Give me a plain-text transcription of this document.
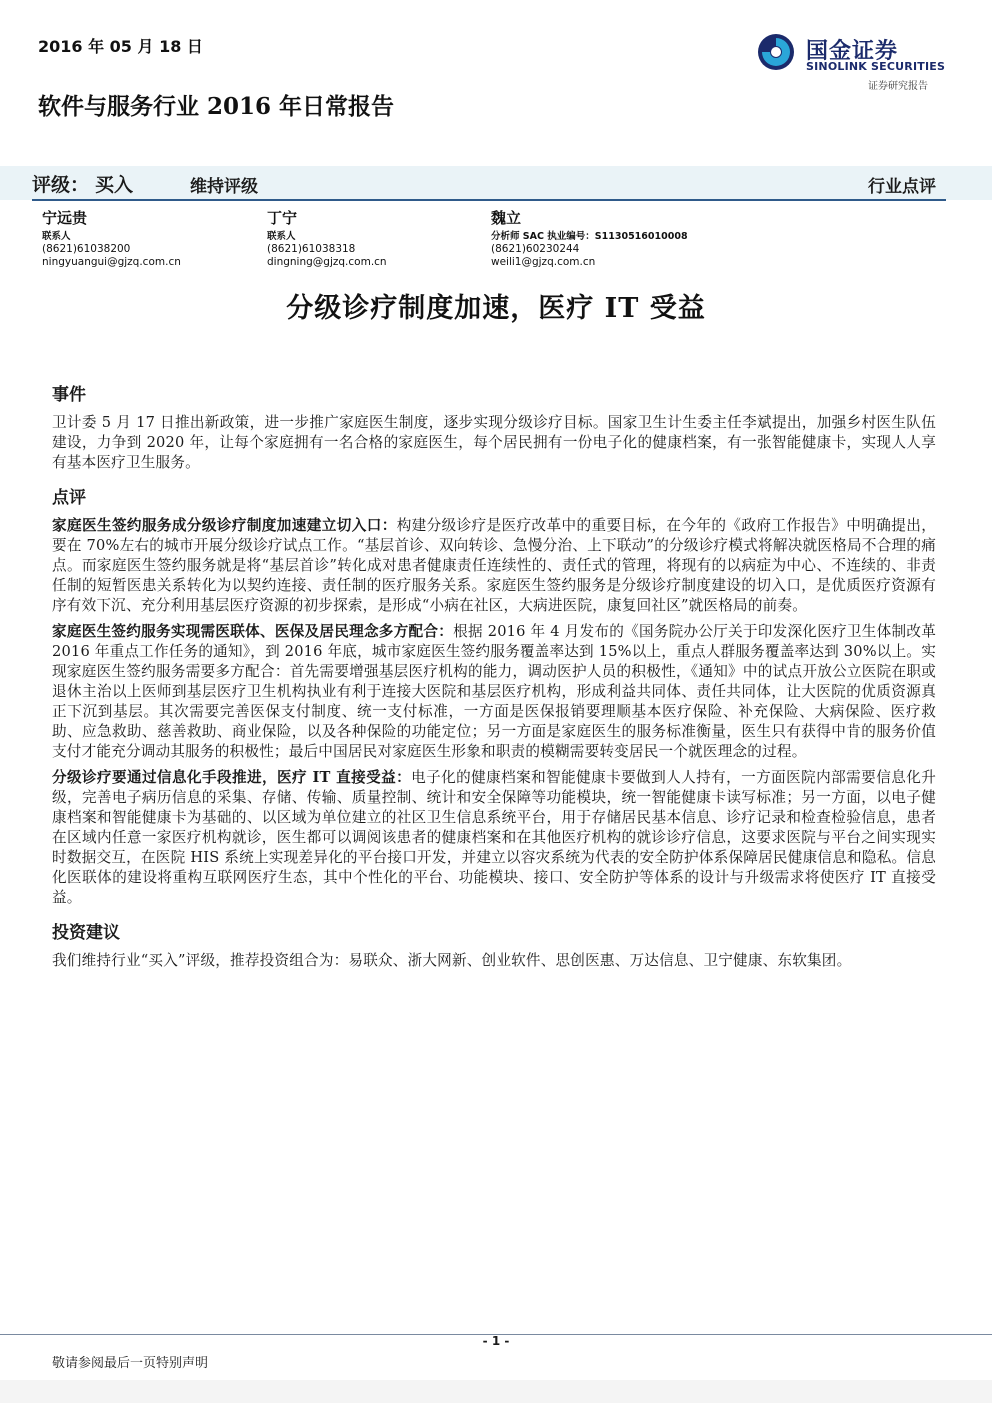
2016 年 05 月 18 日	国金证券
SINOLINK SECURITIES
证券研究报告
软件与服务行业 2016 年日常报告
评级： 买入	维持评级	行业点评
宁远贵
联系人
(8621)61038200
ningyuangui@gjzq.com.cn
丁宁
联系人
(8621)61038318
dingning@gjzq.com.cn
魏立
分析师 SAC 执业编号：S1130516010008
(8621)60230244
weili1@gjzq.com.cn
分级诊疗制度加速，医疗 IT 受益
事件

卫计委 5 月 17 日推出新政策，进一步推广家庭医生制度，逐步实现分级诊疗目标。国家卫生计生委主任李斌提出，加强乡村医生队伍建设，力争到 2020 年，让每个家庭拥有一名合格的家庭医生，每个居民拥有一份电子化的健康档案，有一张智能健康卡，实现人人享有基本医疗卫生服务。

点评

家庭医生签约服务成分级诊疗制度加速建立切入口：构建分级诊疗是医疗改革中的重要目标，在今年的《政府工作报告》中明确提出，要在 70%左右的城市开展分级诊疗试点工作。“基层首诊、双向转诊、急慢分治、上下联动”的分级诊疗模式将解决就医格局不合理的痛点。而家庭医生签约服务就是将“基层首诊”转化成对患者健康责任连续性的、责任式的管理，将现有的以病症为中心、不连续的、非责任制的短暂医患关系转化为以契约连接、责任制的医疗服务关系。家庭医生签约服务是分级诊疗制度建设的切入口，是优质医疗资源有序有效下沉、充分利用基层医疗资源的初步探索，是形成“小病在社区，大病进医院，康复回社区”就医格局的前奏。

家庭医生签约服务实现需医联体、医保及居民理念多方配合：根据 2016 年 4 月发布的《国务院办公厅关于印发深化医疗卫生体制改革 2016 年重点工作任务的通知》，到 2016 年底，城市家庭医生签约服务覆盖率达到 15%以上，重点人群服务覆盖率达到 30%以上。实现家庭医生签约服务需要多方配合：首先需要增强基层医疗机构的能力，调动医护人员的积极性，《通知》中的试点开放公立医院在职或退休主治以上医师到基层医疗卫生机构执业有利于连接大医院和基层医疗机构，形成利益共同体、责任共同体，让大医院的优质资源真正下沉到基层。其次需要完善医保支付制度、统一支付标准，一方面是医保报销要理顺基本医疗保险、补充保险、大病保险、医疗救助、应急救助、慈善救助、商业保险，以及各种保险的功能定位；另一方面是家庭医生的服务标准衡量，医生只有获得中肯的服务价值支付才能充分调动其服务的积极性；最后中国居民对家庭医生形象和职责的模糊需要转变居民一个就医理念的过程。

分级诊疗要通过信息化手段推进，医疗 IT 直接受益：电子化的健康档案和智能健康卡要做到人人持有，一方面医院内部需要信息化升级，完善电子病历信息的采集、存储、传输、质量控制、统计和安全保障等功能模块，统一智能健康卡读写标准；另一方面，以电子健康档案和智能健康卡为基础的、以区域为单位建立的社区卫生信息系统平台，用于存储居民基本信息、诊疗记录和检查检验信息，患者在区域内任意一家医疗机构就诊，医生都可以调阅该患者的健康档案和在其他医疗机构的就诊诊疗信息，这要求医院与平台之间实现实时数据交互，在医院 HIS 系统上实现差异化的平台接口开发，并建立以容灾系统为代表的安全防护体系保障居民健康信息和隐私。信息化医联体的建设将重构互联网医疗生态，其中个性化的平台、功能模块、接口、安全防护等体系的设计与升级需求将使医疗 IT 直接受益。

投资建议

我们维持行业“买入”评级，推荐投资组合为：易联众、浙大网新、创业软件、思创医惠、万达信息、卫宁健康、东软集团。

- 1 -
敬请参阅最后一页特别声明
